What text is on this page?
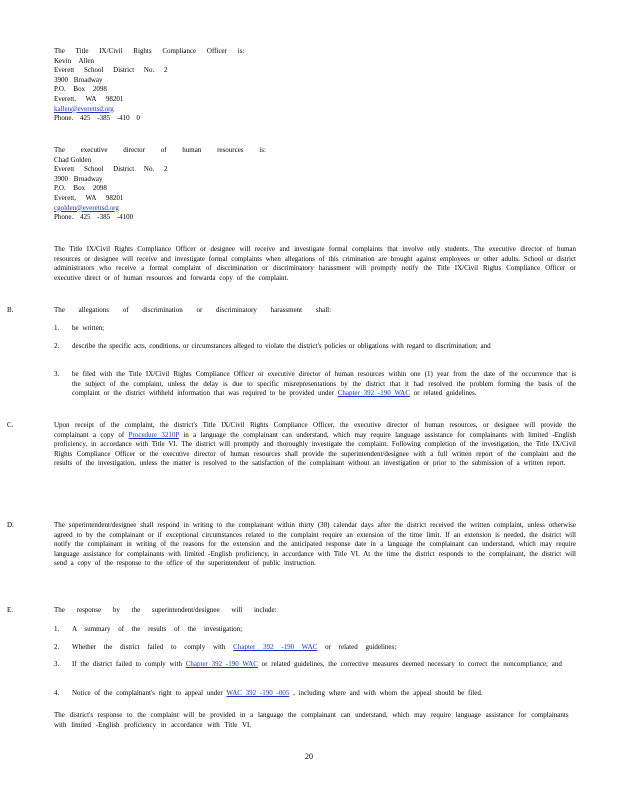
The Title IX/Civil Rights Compliance Officer is:
Kevin Allen
Everett School District No. 2
3900 Broadway
P.O. Box 2098
Everett, WA 98201
kallen@everettsd.org
Phone. 425 -385 -410 0
The executive director of human resources is:
Chad Golden
Everett School District No. 2
3900 Broadway
P.O. Box 2098
Everett, WA 98201
cgolden@everettsd.org
Phone. 425 -385 -4100
The Title IX/Civil Rights Compliance Officer or designee will receive and investigate formal complaints that involve only students. The executive director of human resources or designee will receive and investigate formal complaints when allegations of this crimination are brought against employees or other adults. School or district administrators who receive a formal complaint of discrimination or discriminatory harassment will promptly notify the Title IX/Civil Rights Compliance Officer or executive direct or of human resources and forwarda copy of the complaint.
B.	The allegations of discrimination or discriminatory harassment shall:
1. be written;
2. describe the specific acts, conditions, or circumstances alleged to violate the district's policies or obligations with regard to discrimination; and
3. be filed with the Title IX/Civil Rights Compliance Officer or executive director of human resources within one (1) year from the date of the occurrence that is the subject of the complaint, unless the delay is due to specific misrepresentations by the district that it had resolved the problem forming the basis of the complaint or the district withheld information that was required to be provided under Chapter 392 -190 WAC or related guidelines.
C.	Upon receipt of the complaint, the district's Title IX/Civil Rights Compliance Officer, the executive director of human resources, or designee will provide the complainant a copy of Procedure 3210P in a language the complainant can understand, which may require language assistance for complainants with limited -English proficiency, in accordance with Title VI. The district will promptly and thoroughly investigate the complaint. Following completion of the investigation, the Title IX/Civil Rights Compliance Officer or the executive director of human resources shall provide the superintendent/designee with a full written report of the complaint and the results of the investigation, unless the matter is resolved to the satisfaction of the complainant without an investigation or prior to the submission of a written report.
D.	The superintendent/designee shall respond in writing to the complainant within thirty (30) calendar days after the district received the written complaint, unless otherwise agreed to by the complainant or if exceptional circumstances related to the complaint require an extension of the time limit. If an extension is needed, the district will notify the complainant in writing of the reasons for the extension and the anticipated response date in a language the complainant can understand, which may require language assistance for complainants with limited -English proficiency, in accordance with Title VI. At the time the district responds to the complainant, the district will send a copy of the response to the office of the superintendent of public instruction.
E.	The response by the superintendent/designee will include:
1. A summary of the results of the investigation;
2. Whether the district failed to comply with Chapter 392 -190 WAC or related guidelines;
3. If the district failed to comply with Chapter 392 -190 WAC or related guidelines, the corrective measures deemed necessary to correct the noncompliance; and
4. Notice of the complainant's right to appeal under WAC 392 -190 -005 , including where and with whom the appeal should be filed.
The district's response to the complaint will be provided in a language the complainant can understand, which may require language assistance for complainants with limited -English proficiency in accordance with Title VI.
20
